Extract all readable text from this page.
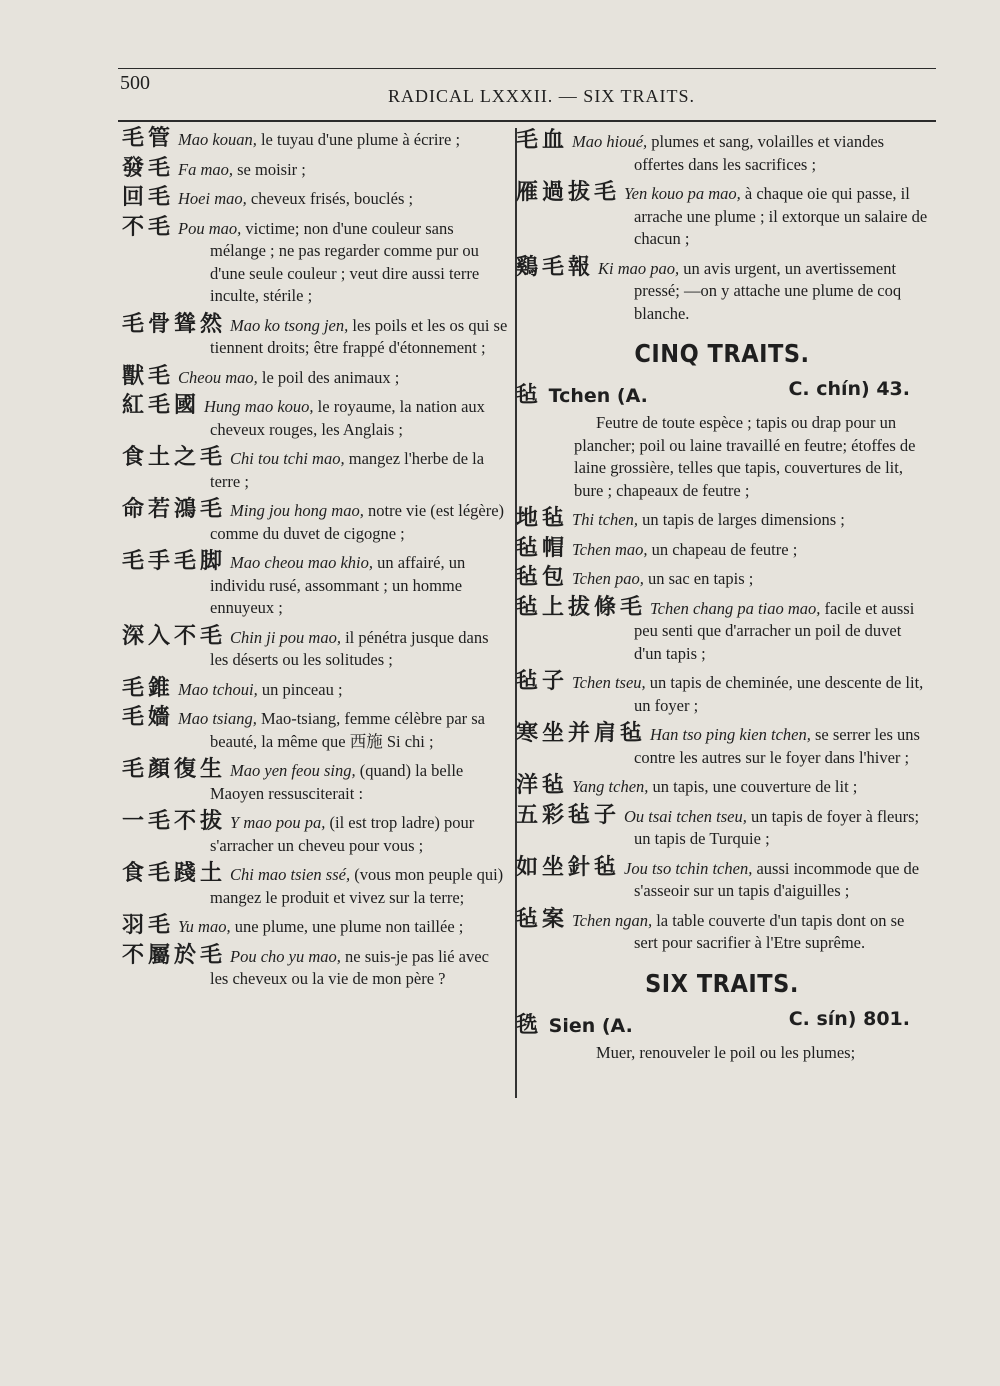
500
RADICAL LXXXII. — SIX TRAITS.
毛管 Mao kouan, le tuyau d'une plume à écrire ;
發毛 Fa mao, se moisir ;
回毛 Hoei mao, cheveux frisés, bouclés ;
不毛 Pou mao, victime; non d'une couleur sans mélange ; ne pas regarder comme pur ou d'une seule couleur ; veut dire aussi terre inculte, stérile ;
毛骨聳然 Mao ko tsong jen, les poils et les os qui se tiennent droits; être frappé d'étonnement ;
獸毛 Cheou mao, le poil des animaux ;
紅毛國 Hung mao kouo, le royaume, la nation aux cheveux rouges, les Anglais ;
食土之毛 Chi tou tchi mao, mangez l'herbe de la terre ;
命若鴻毛 Ming jou hong mao, notre vie (est légère) comme du duvet de cigogne ;
毛手毛脚 Mao cheou mao khio, un affairé, un individu rusé, assommant ; un homme ennuyeux ;
深入不毛 Chin ji pou mao, il pénétra jusque dans les déserts ou les solitudes ;
毛錐 Mao tchoui, un pinceau ;
毛嬙 Mao tsiang, Mao-tsiang, femme célèbre par sa beauté, la même que 西施 Si chi ;
毛顏復生 Mao yen feou sing, (quand) la belle Maoyen ressusciterait :
一毛不拔 Y mao pou pa, (il est trop ladre) pour s'arracher un cheveu pour vous ;
食毛踐土 Chi mao tsien ssé, (vous mon peuple qui) mangez le produit et vivez sur la terre;
羽毛 Yu mao, une plume, une plume non taillée ;
不屬於毛 Pou cho yu mao, ne suis-je pas lié avec les cheveux ou la vie de mon père ?
毛血 Mao hioué, plumes et sang, volailles et viandes offertes dans les sacrifices ;
雁過拔毛 Yen kouo pa mao, à chaque oie qui passe, il arrache une plume ; il extorque un salaire de chacun ;
鷄毛報 Ki mao pao, un avis urgent, un avertissement pressé; —on y attache une plume de coq blanche.
CINQ TRAITS.
毡 Tchen (A.	C. chín) 43.
Feutre de toute espèce ; tapis ou drap pour un plancher; poil ou laine travaillé en feutre; étoffes de laine grossière, telles que tapis, couvertures de lit, bure ; chapeaux de feutre ;
地毡 Thi tchen, un tapis de larges dimensions ;
毡帽 Tchen mao, un chapeau de feutre ;
毡包 Tchen pao, un sac en tapis ;
毡上拔條毛 Tchen chang pa tiao mao, facile et aussi peu senti que d'arracher un poil de duvet d'un tapis ;
毡子 Tchen tseu, un tapis de cheminée, une descente de lit, un foyer ;
寒坐并肩毡 Han tso ping kien tchen, se serrer les uns contre les autres sur le foyer dans l'hiver ;
洋毡 Yang tchen, un tapis, une couverture de lit ;
五彩毡子 Ou tsai tchen tseu, un tapis de foyer à fleurs; un tapis de Turquie ;
如坐針毡 Jou tso tchin tchen, aussi incommode que de s'asseoir sur un tapis d'aiguilles ;
毡案 Tchen ngan, la table couverte d'un tapis dont on se sert pour sacrifier à l'Etre suprême.
SIX TRAITS.
毨 Sien (A.	C. sín) 801.
Muer, renouveler le poil ou les plumes;
